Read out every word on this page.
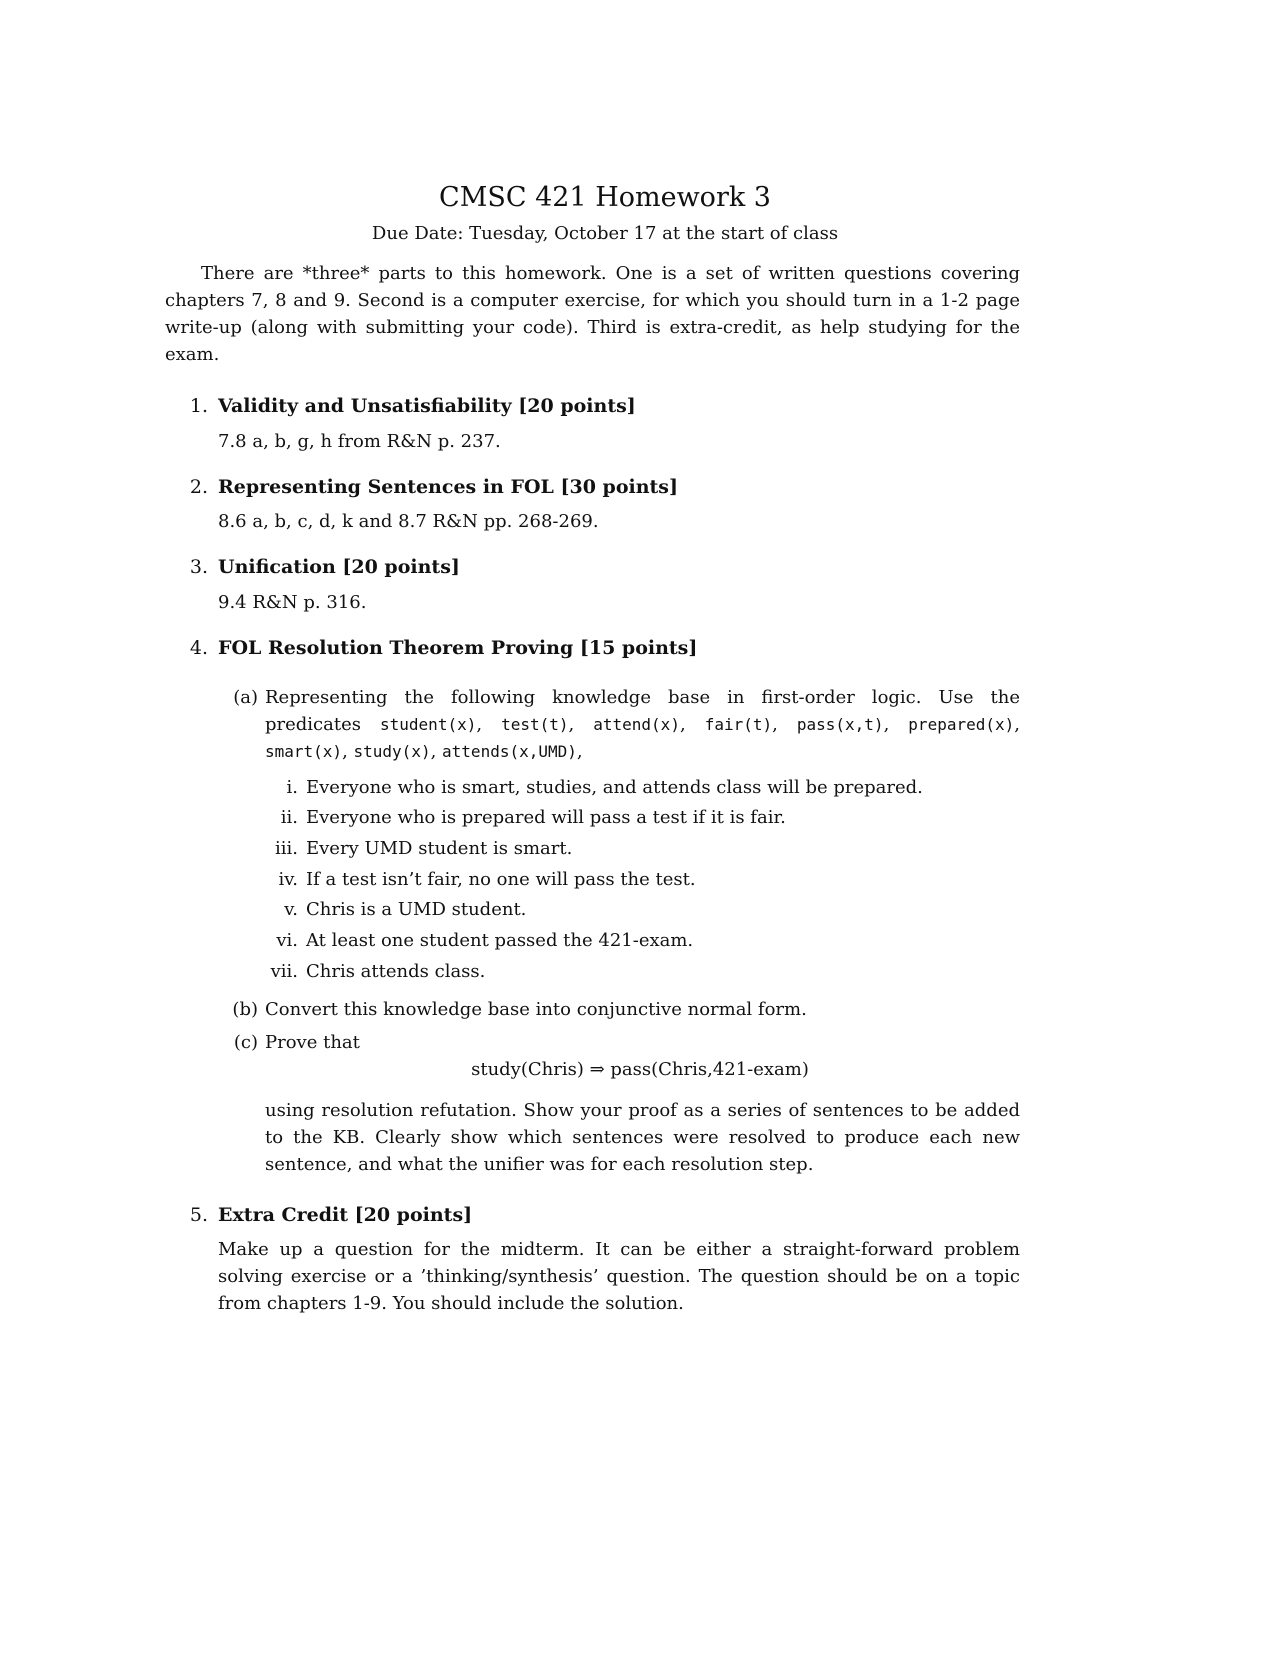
CMSC 421 Homework 3
Due Date: Tuesday, October 17 at the start of class

There are *three* parts to this homework. One is a set of written questions covering chapters 7, 8 and 9. Second is a computer exercise, for which you should turn in a 1-2 page write-up (along with submitting your code). Third is extra-credit, as help studying for the exam.

1. Validity and Unsatisfiability [20 points]
7.8 a, b, g, h from R&N p. 237.
2. Representing Sentences in FOL [30 points]
8.6 a, b, c, d, k and 8.7 R&N pp. 268-269.
3. Unification [20 points]
9.4 R&N p. 316.
4. FOL Resolution Theorem Proving [15 points]
(a) Representing the following knowledge base in first-order logic. Use the predicates student(x), test(t), attend(x), fair(t), pass(x,t), prepared(x), smart(x), study(x), attends(x,UMD),

i. Everyone who is smart, studies, and attends class will be prepared.
ii. Everyone who is prepared will pass a test if it is fair.
iii. Every UMD student is smart.
iv. If a test isn’t fair, no one will pass the test.
v. Chris is a UMD student.
vi. At least one student passed the 421-exam.
vii. Chris attends class.
(b) Convert this knowledge base into conjunctive normal form.
(c) Prove that
study(Chris) ⇒ pass(Chris,421-exam)

using resolution refutation. Show your proof as a series of sentences to be added to the KB. Clearly show which sentences were resolved to produce each new sentence, and what the unifier was for each resolution step.

5. Extra Credit [20 points]

Make up a question for the midterm. It can be either a straight-forward problem solving exercise or a ’thinking/synthesis’ question. The question should be on a topic from chapters 1-9. You should include the solution.
